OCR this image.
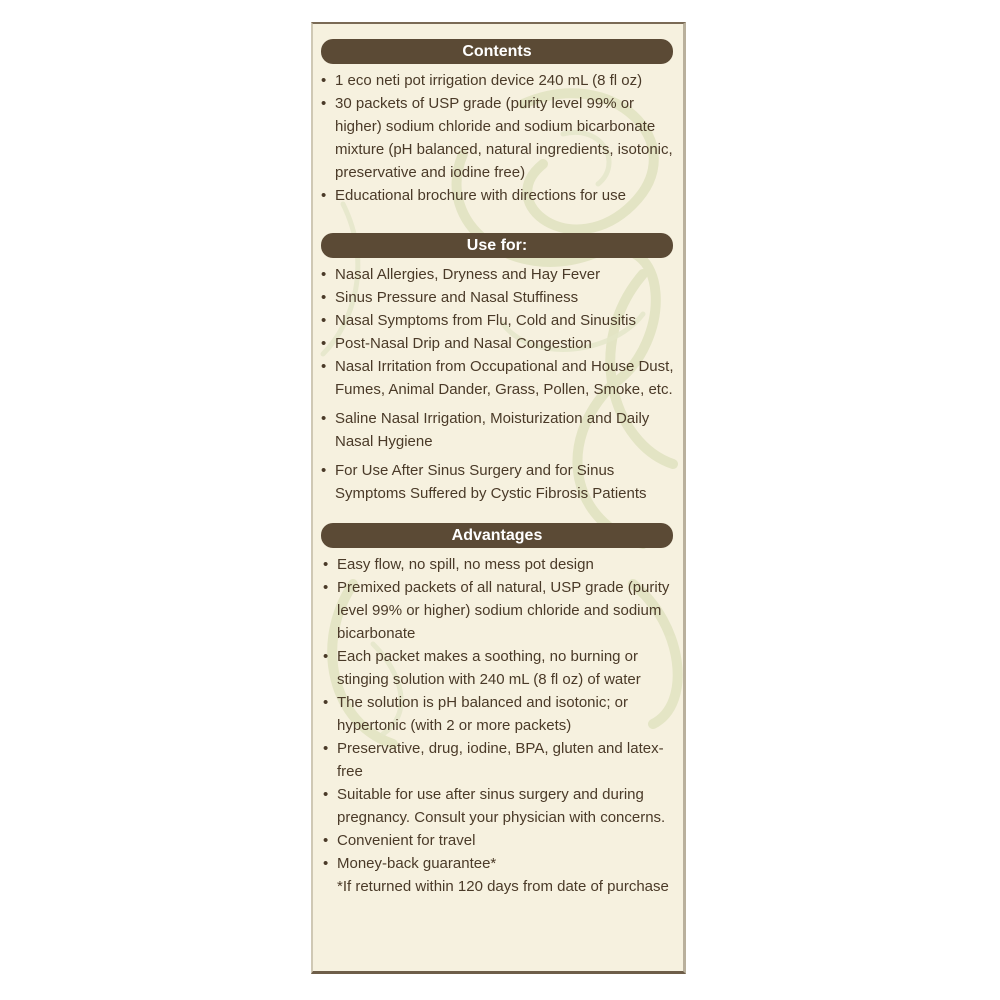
Contents
• 1 eco neti pot irrigation device 240 mL (8 fl oz)
• 30 packets of USP grade (purity level 99% or higher) sodium chloride and sodium bicarbonate mixture (pH balanced, natural ingredients, isotonic, preservative and iodine free)
• Educational brochure with directions for use
Use for:
• Nasal Allergies, Dryness and Hay Fever
• Sinus Pressure and Nasal Stuffiness
• Nasal Symptoms from Flu, Cold and Sinusitis
• Post-Nasal Drip and Nasal Congestion
• Nasal Irritation from Occupational and House Dust, Fumes, Animal Dander, Grass, Pollen, Smoke, etc.
• Saline Nasal Irrigation, Moisturization and Daily Nasal Hygiene
• For Use After Sinus Surgery and for Sinus Symptoms Suffered by Cystic Fibrosis Patients
Advantages
• Easy flow, no spill, no mess pot design
• Premixed packets of all natural, USP grade (purity level 99% or higher) sodium chloride and sodium bicarbonate
• Each packet makes a soothing, no burning or stinging solution with 240 mL (8 fl oz) of water
• The solution is pH balanced and isotonic; or hypertonic (with 2 or more packets)
• Preservative, drug, iodine, BPA, gluten and latex-free
• Suitable for use after sinus surgery and during pregnancy. Consult your physician with concerns.
• Convenient for travel
• Money-back guarantee*
*If returned within 120 days from date of purchase
